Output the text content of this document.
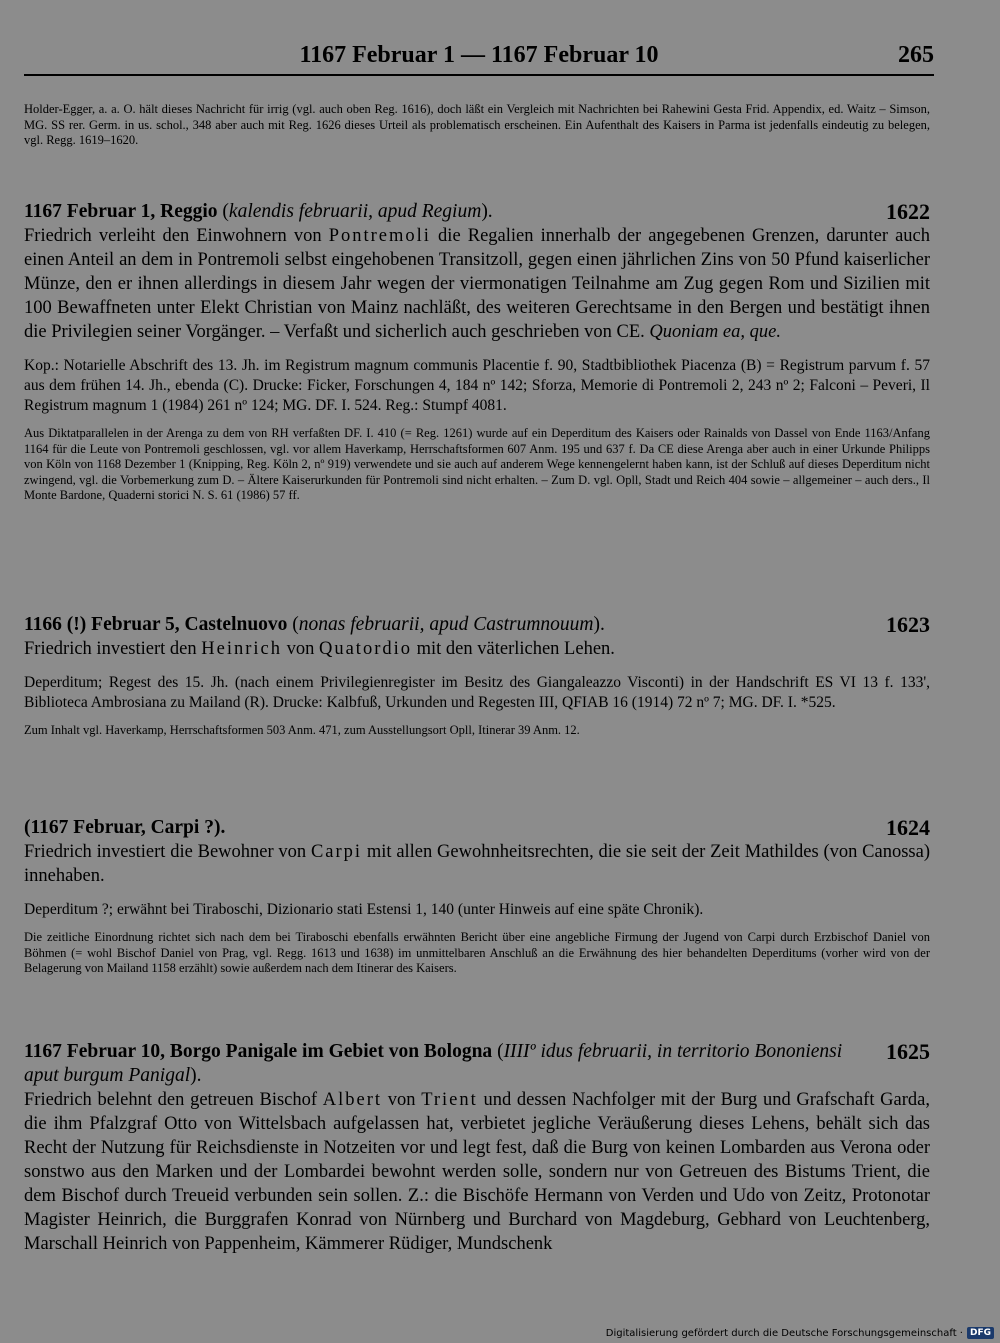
1167 Februar 1 — 1167 Februar 10	265
Holder-Egger, a. a. O. hält dieses Nachricht für irrig (vgl. auch oben Reg. 1616), doch läßt ein Vergleich mit Nachrichten bei Rahewini Gesta Frid. Appendix, ed. Waitz – Simson, MG. SS rer. Germ. in us. schol., 348 aber auch mit Reg. 1626 dieses Urteil als problematisch erscheinen. Ein Aufenthalt des Kaisers in Parma ist jedenfalls eindeutig zu belegen, vgl. Regg. 1619–1620.
1167 Februar 1, Reggio (kalendis februarii, apud Regium).	1622

Friedrich verleiht den Einwohnern von Pontremoli die Regalien innerhalb der angegebenen Grenzen, darunter auch einen Anteil an dem in Pontremoli selbst eingehobenen Transitzoll, gegen einen jährlichen Zins von 50 Pfund kaiserlicher Münze, den er ihnen allerdings in diesem Jahr wegen der viermonatigen Teilnahme am Zug gegen Rom und Sizilien mit 100 Bewaffneten unter Elekt Christian von Mainz nachläßt, des weiteren Gerechtsame in den Bergen und bestätigt ihnen die Privilegien seiner Vorgänger. – Verfaßt und sicherlich auch geschrieben von CE. Quoniam ea, que.

Kop.: Notarielle Abschrift des 13. Jh. im Registrum magnum communis Placentie f. 90, Stadtbibliothek Piacenza (B) = Registrum parvum f. 57 aus dem frühen 14. Jh., ebenda (C). Drucke: Ficker, Forschungen 4, 184 nº 142; Sforza, Memorie di Pontremoli 2, 243 nº 2; Falconi – Peveri, Il Registrum magnum 1 (1984) 261 nº 124; MG. DF. I. 524. Reg.: Stumpf 4081.

Aus Diktatparallelen in der Arenga zu dem von RH verfaßten DF. I. 410 (= Reg. 1261) wurde auf ein Deperditum des Kaisers oder Rainalds von Dassel von Ende 1163/Anfang 1164 für die Leute von Pontremoli geschlossen, vgl. vor allem Haverkamp, Herrschaftsformen 607 Anm. 195 und 637 f. Da CE diese Arenga aber auch in einer Urkunde Philipps von Köln von 1168 Dezember 1 (Knipping, Reg. Köln 2, nº 919) verwendete und sie auch auf anderem Wege kennengelernt haben kann, ist der Schluß auf dieses Deperditum nicht zwingend, vgl. die Vorbemerkung zum D. – Ältere Kaiserurkunden für Pontremoli sind nicht erhalten. – Zum D. vgl. Opll, Stadt und Reich 404 sowie – allgemeiner – auch ders., Il Monte Bardone, Quaderni storici N. S. 61 (1986) 57 ff.

1166 (!) Februar 5, Castelnuovo (nonas februarii, apud Castrumnouum).	1623

Friedrich investiert den Heinrich von Quatordio mit den väterlichen Lehen.

Deperditum; Regest des 15. Jh. (nach einem Privilegienregister im Besitz des Giangaleazzo Visconti) in der Handschrift ES VI 13 f. 133', Biblioteca Ambrosiana zu Mailand (R). Drucke: Kalbfuß, Urkunden und Regesten III, QFIAB 16 (1914) 72 nº 7; MG. DF. I. *525.

Zum Inhalt vgl. Haverkamp, Herrschaftsformen 503 Anm. 471, zum Ausstellungsort Opll, Itinerar 39 Anm. 12.

(1167 Februar, Carpi ?).	1624

Friedrich investiert die Bewohner von Carpi mit allen Gewohnheitsrechten, die sie seit der Zeit Mathildes (von Canossa) innehaben.

Deperditum ?; erwähnt bei Tiraboschi, Dizionario stati Estensi 1, 140 (unter Hinweis auf eine späte Chronik).

Die zeitliche Einordnung richtet sich nach dem bei Tiraboschi ebenfalls erwähnten Bericht über eine angebliche Firmung der Jugend von Carpi durch Erzbischof Daniel von Böhmen (= wohl Bischof Daniel von Prag, vgl. Regg. 1613 und 1638) im unmittelbaren Anschluß an die Erwähnung des hier behandelten Deperditums (vorher wird von der Belagerung von Mailand 1158 erzählt) sowie außerdem nach dem Itinerar des Kaisers.

1167 Februar 10, Borgo Panigale im Gebiet von Bologna (IIIIº idus februarii, in territorio Bononiensi aput burgum Panigal).
1625

Friedrich belehnt den getreuen Bischof Albert von Trient und dessen Nachfolger mit der Burg und Grafschaft Garda, die ihm Pfalzgraf Otto von Wittelsbach aufgelassen hat, verbietet jegliche Veräußerung dieses Lehens, behält sich das Recht der Nutzung für Reichsdienste in Notzeiten vor und legt fest, daß die Burg von keinen Lombarden aus Verona oder sonstwo aus den Marken und der Lombardei bewohnt werden solle, sondern nur von Getreuen des Bistums Trient, die dem Bischof durch Treueid verbunden sein sollen. Z.: die Bischöfe Hermann von Verden und Udo von Zeitz, Protonotar Magister Heinrich, die Burggrafen Konrad von Nürnberg und Burchard von Magdeburg, Gebhard von Leuchtenberg, Marschall Heinrich von Pappenheim, Kämmerer Rüdiger, Mundschenk

Digitalisierung gefördert durch die Deutsche Forschungsgemeinschaft · DFG
